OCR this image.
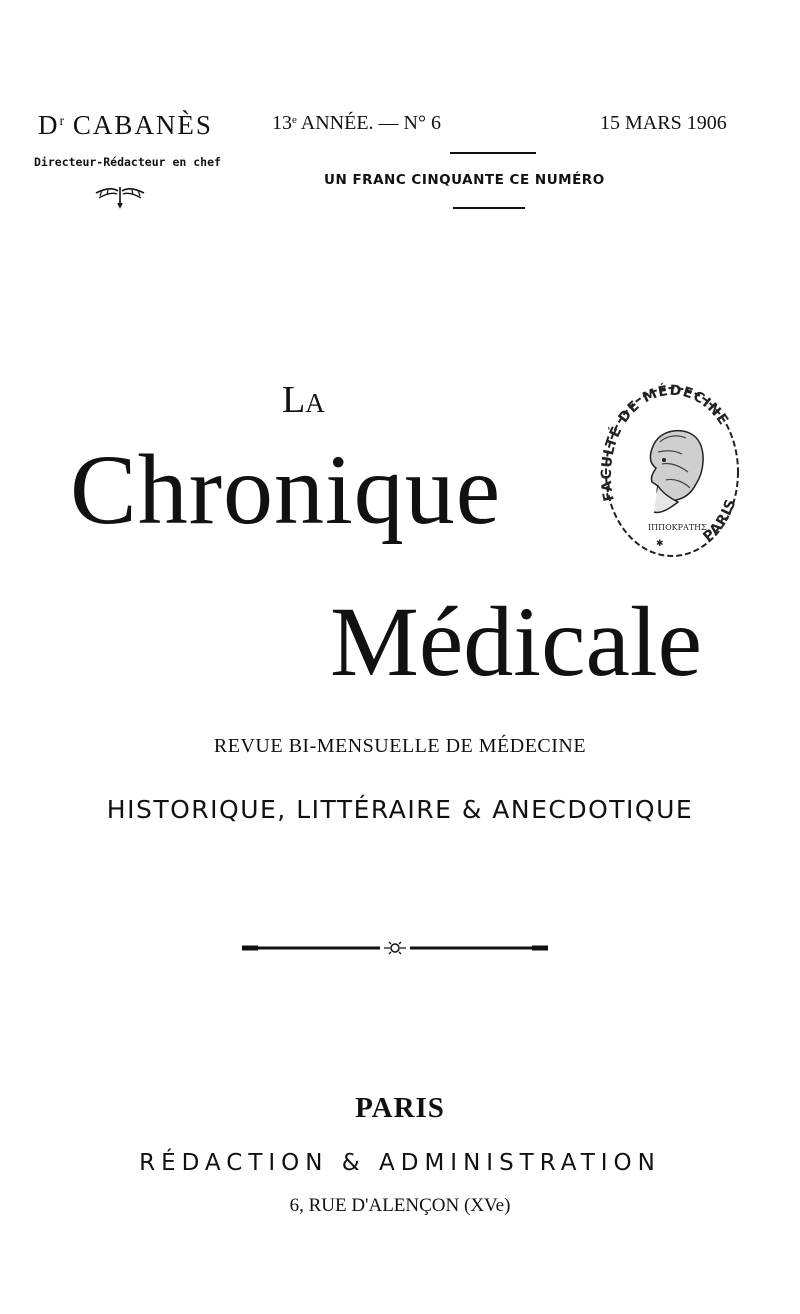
$D^r$ CABANÈS
Directeur-Rédacteur en chef
13e ANNÉE. — N° 6
UN FRANC CINQUANTE CE NUMÉRO
15 MARS 1906
LA
Chronique
Médicale
FACULTÉ DE MÉDECINE
PARIS
ΙΠΠΟΚΡΑΤΗΣ
✱
REVUE BI-MENSUELLE DE MÉDECINE
HISTORIQUE, LITTÉRAIRE & ANECDOTIQUE
PARIS
RÉDACTION & ADMINISTRATION
6, RUE D'ALENÇON (XVe)
